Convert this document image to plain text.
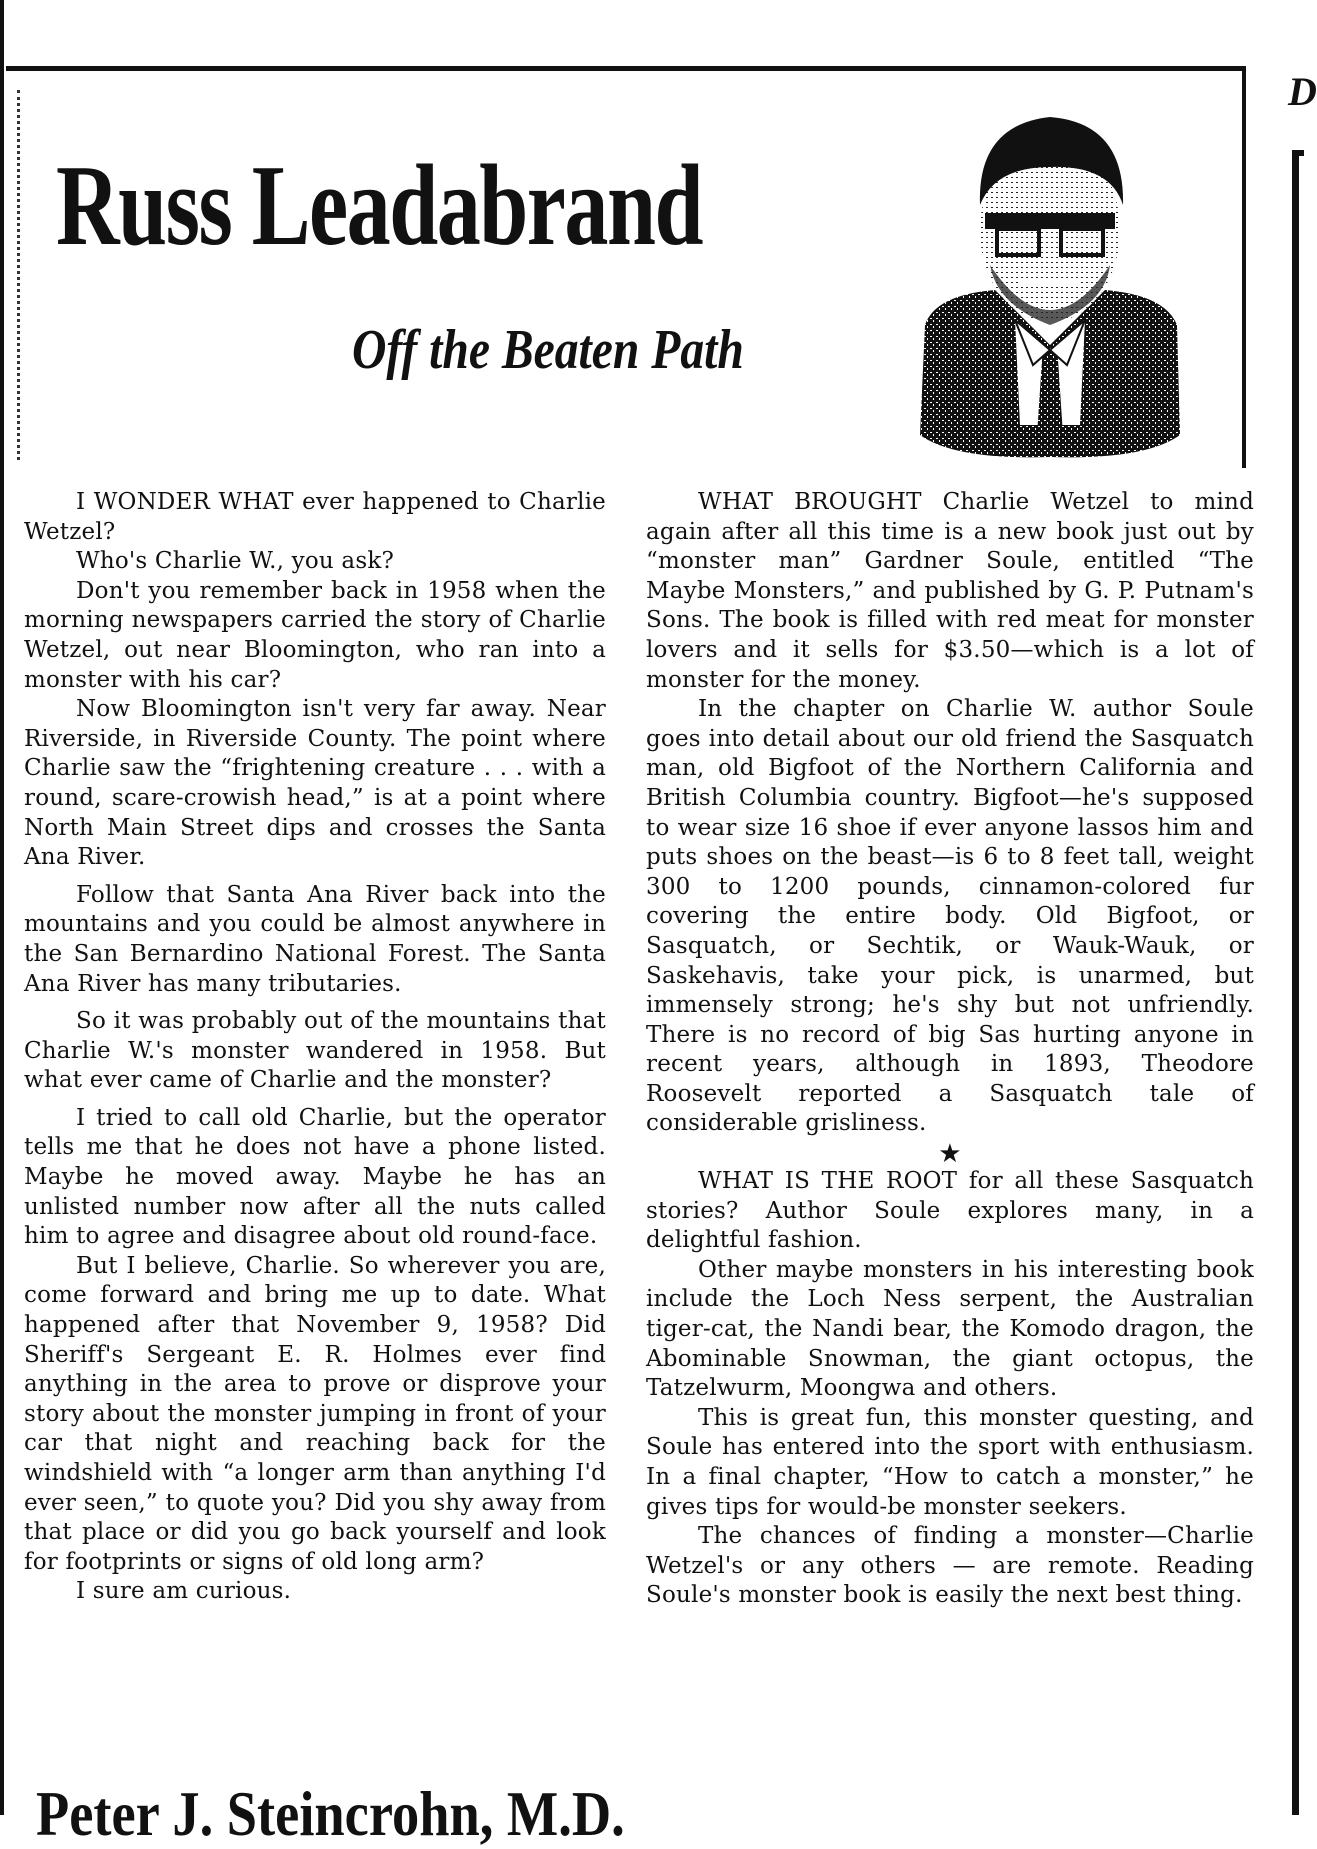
D
Russ Leadabrand
Off the Beaten Path

I WONDER WHAT ever happened to Charlie Wetzel?

Who's Charlie W., you ask?

Don't you remember back in 1958 when the morning newspapers carried the story of Charlie Wetzel, out near Bloomington, who ran into a monster with his car?

Now Bloomington isn't very far away. Near Riverside, in Riverside County. The point where Charlie saw the “frightening creature . . . with a round, scare-crowish head,” is at a point where North Main Street dips and crosses the Santa Ana River.

Follow that Santa Ana River back into the mountains and you could be almost anywhere in the San Bernardino National Forest. The Santa Ana River has many tributaries.

So it was probably out of the mountains that Charlie W.'s monster wandered in 1958. But what ever came of Charlie and the monster?

I tried to call old Charlie, but the operator tells me that he does not have a phone listed. Maybe he moved away. Maybe he has an unlisted number now after all the nuts called him to agree and disagree about old round-face.

But I believe, Charlie. So wherever you are, come forward and bring me up to date. What happened after that November 9, 1958? Did Sheriff's Sergeant E. R. Holmes ever find anything in the area to prove or disprove your story about the monster jumping in front of your car that night and reaching back for the windshield with “a longer arm than anything I'd ever seen,” to quote you? Did you shy away from that place or did you go back yourself and look for footprints or signs of old long arm?

I sure am curious.

WHAT BROUGHT Charlie Wetzel to mind again after all this time is a new book just out by “monster man” Gardner Soule, entitled “The Maybe Monsters,” and published by G. P. Putnam's Sons. The book is filled with red meat for monster lovers and it sells for $3.50—which is a lot of monster for the money.

In the chapter on Charlie W. author Soule goes into detail about our old friend the Sasquatch man, old Bigfoot of the Northern California and British Columbia country. Bigfoot—he's supposed to wear size 16 shoe if ever anyone lassos him and puts shoes on the beast—is 6 to 8 feet tall, weight 300 to 1200 pounds, cinnamon-colored fur covering the entire body. Old Bigfoot, or Sasquatch, or Sechtik, or Wauk-Wauk, or Saskehavis, take your pick, is unarmed, but immensely strong; he's shy but not unfriendly. There is no record of big Sas hurting anyone in recent years, although in 1893, Theodore Roosevelt reported a Sasquatch tale of considerable grisliness.

★

WHAT IS THE ROOT for all these Sasquatch stories? Author Soule explores many, in a delightful fashion.

Other maybe monsters in his interesting book include the Loch Ness serpent, the Australian tiger-cat, the Nandi bear, the Komodo dragon, the Abominable Snowman, the giant octopus, the Tatzelwurm, Moongwa and others.

This is great fun, this monster questing, and Soule has entered into the sport with enthusiasm. In a final chapter, “How to catch a monster,” he gives tips for would-be monster seekers.

The chances of finding a monster—Charlie Wetzel's or any others — are remote. Reading Soule's monster book is easily the next best thing.

Peter J. Steincrohn, M.D.
